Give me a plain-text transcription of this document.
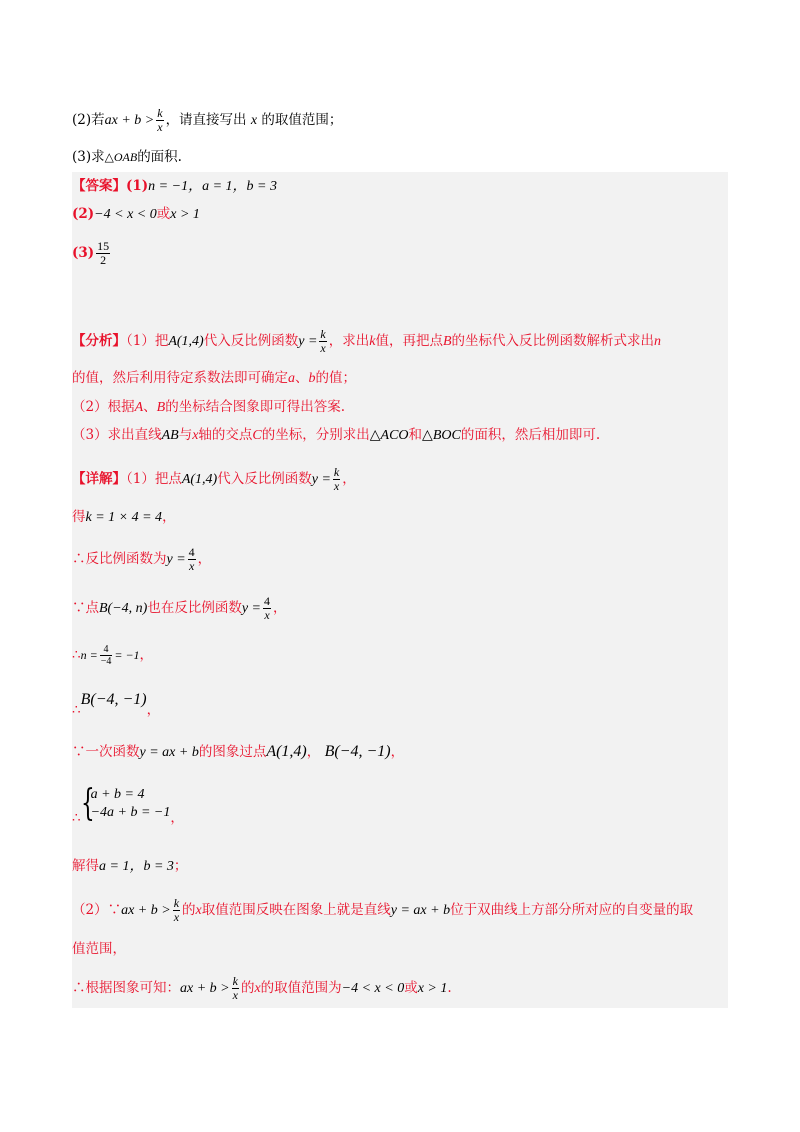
(2)若ax + $b > \frac{k}{x}$ ，请直接写出 x 的取值范围；
(3)求△OAB的面积.
【答案】(1)n = −1，a = 1，b = 3
(2)−4 < x < 0或x > 1
$(3) \frac{15}{2}$
【分析】（1）把A(1,4)代入反比例函数$y = \frac{k}{x}$ ，求出k值，再把点B的坐标代入反比例函数解析式求出n
的值，然后利用待定系数法即可确定a、b的值；
（2）根据A、B的坐标结合图象即可得出答案.
（3）求出直线AB与x轴的交点C的坐标，分别求出△ACO和△BOC的面积，然后相加即可.
【详解】（1）把点A(1,4)代入反比例函数$y = \frac{k}{x}$ ，
得k = 1 × 4 = 4，
∴反比例函数为$y = \frac{4}{x}$ ，
∵点B(−4, n)也在反比例函数$y = \frac{4}{x}$ ，
∴n = $\frac{4}{-4} = -1$，
∴B(−4, −1)，
∵一次函数y = ax + b的图象过点A(1,4)， B(−4, −1)，
∴ {
a + b = 4
−4a + b = −1 ，
解得a = 1，b = 3；
（2）∵ax + $b > \frac{k}{x}$ 的x取值范围反映在图象上就是直线y = ax + b位于双曲线上方部分所对应的自变量的取
值范围，
∴根据图象可知：ax + $b > \frac{k}{x}$ 的x的取值范围为−4 < x < 0或x > 1.
